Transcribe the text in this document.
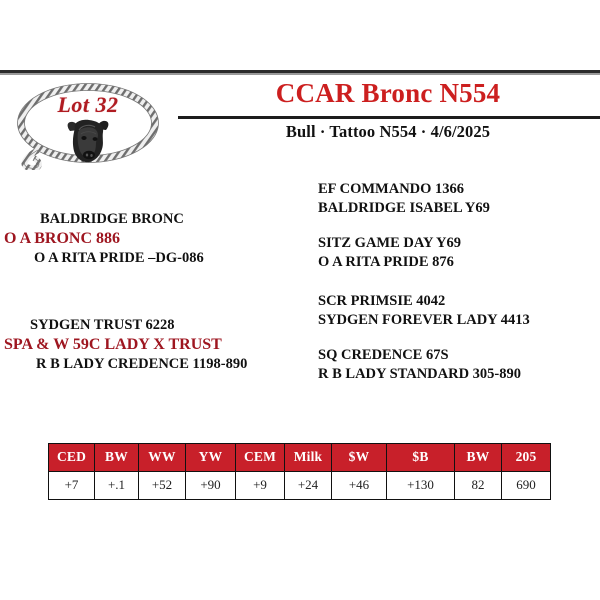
Lot 32	CCAR Bronc N554
Bull · Tattoo N554 · 4/6/2025
BALDRIDGE BRONC
O A BRONC 886
O A RITA PRIDE –DG-086
SYDGEN TRUST 6228
SPA & W 59C LADY X TRUST
R B LADY CREDENCE 1198-890
EF COMMANDO 1366
BALDRIDGE ISABEL Y69
SITZ GAME DAY Y69
O A RITA PRIDE 876
SCR PRIMSIE 4042
SYDGEN FOREVER LADY 4413
SQ CREDENCE 67S
R B LADY STANDARD 305-890
CED	BW	WW	YW	CEM	Milk	$W	$B	BW	205
+7	+.1	+52	+90	+9	+24	+46	+130	82	690
